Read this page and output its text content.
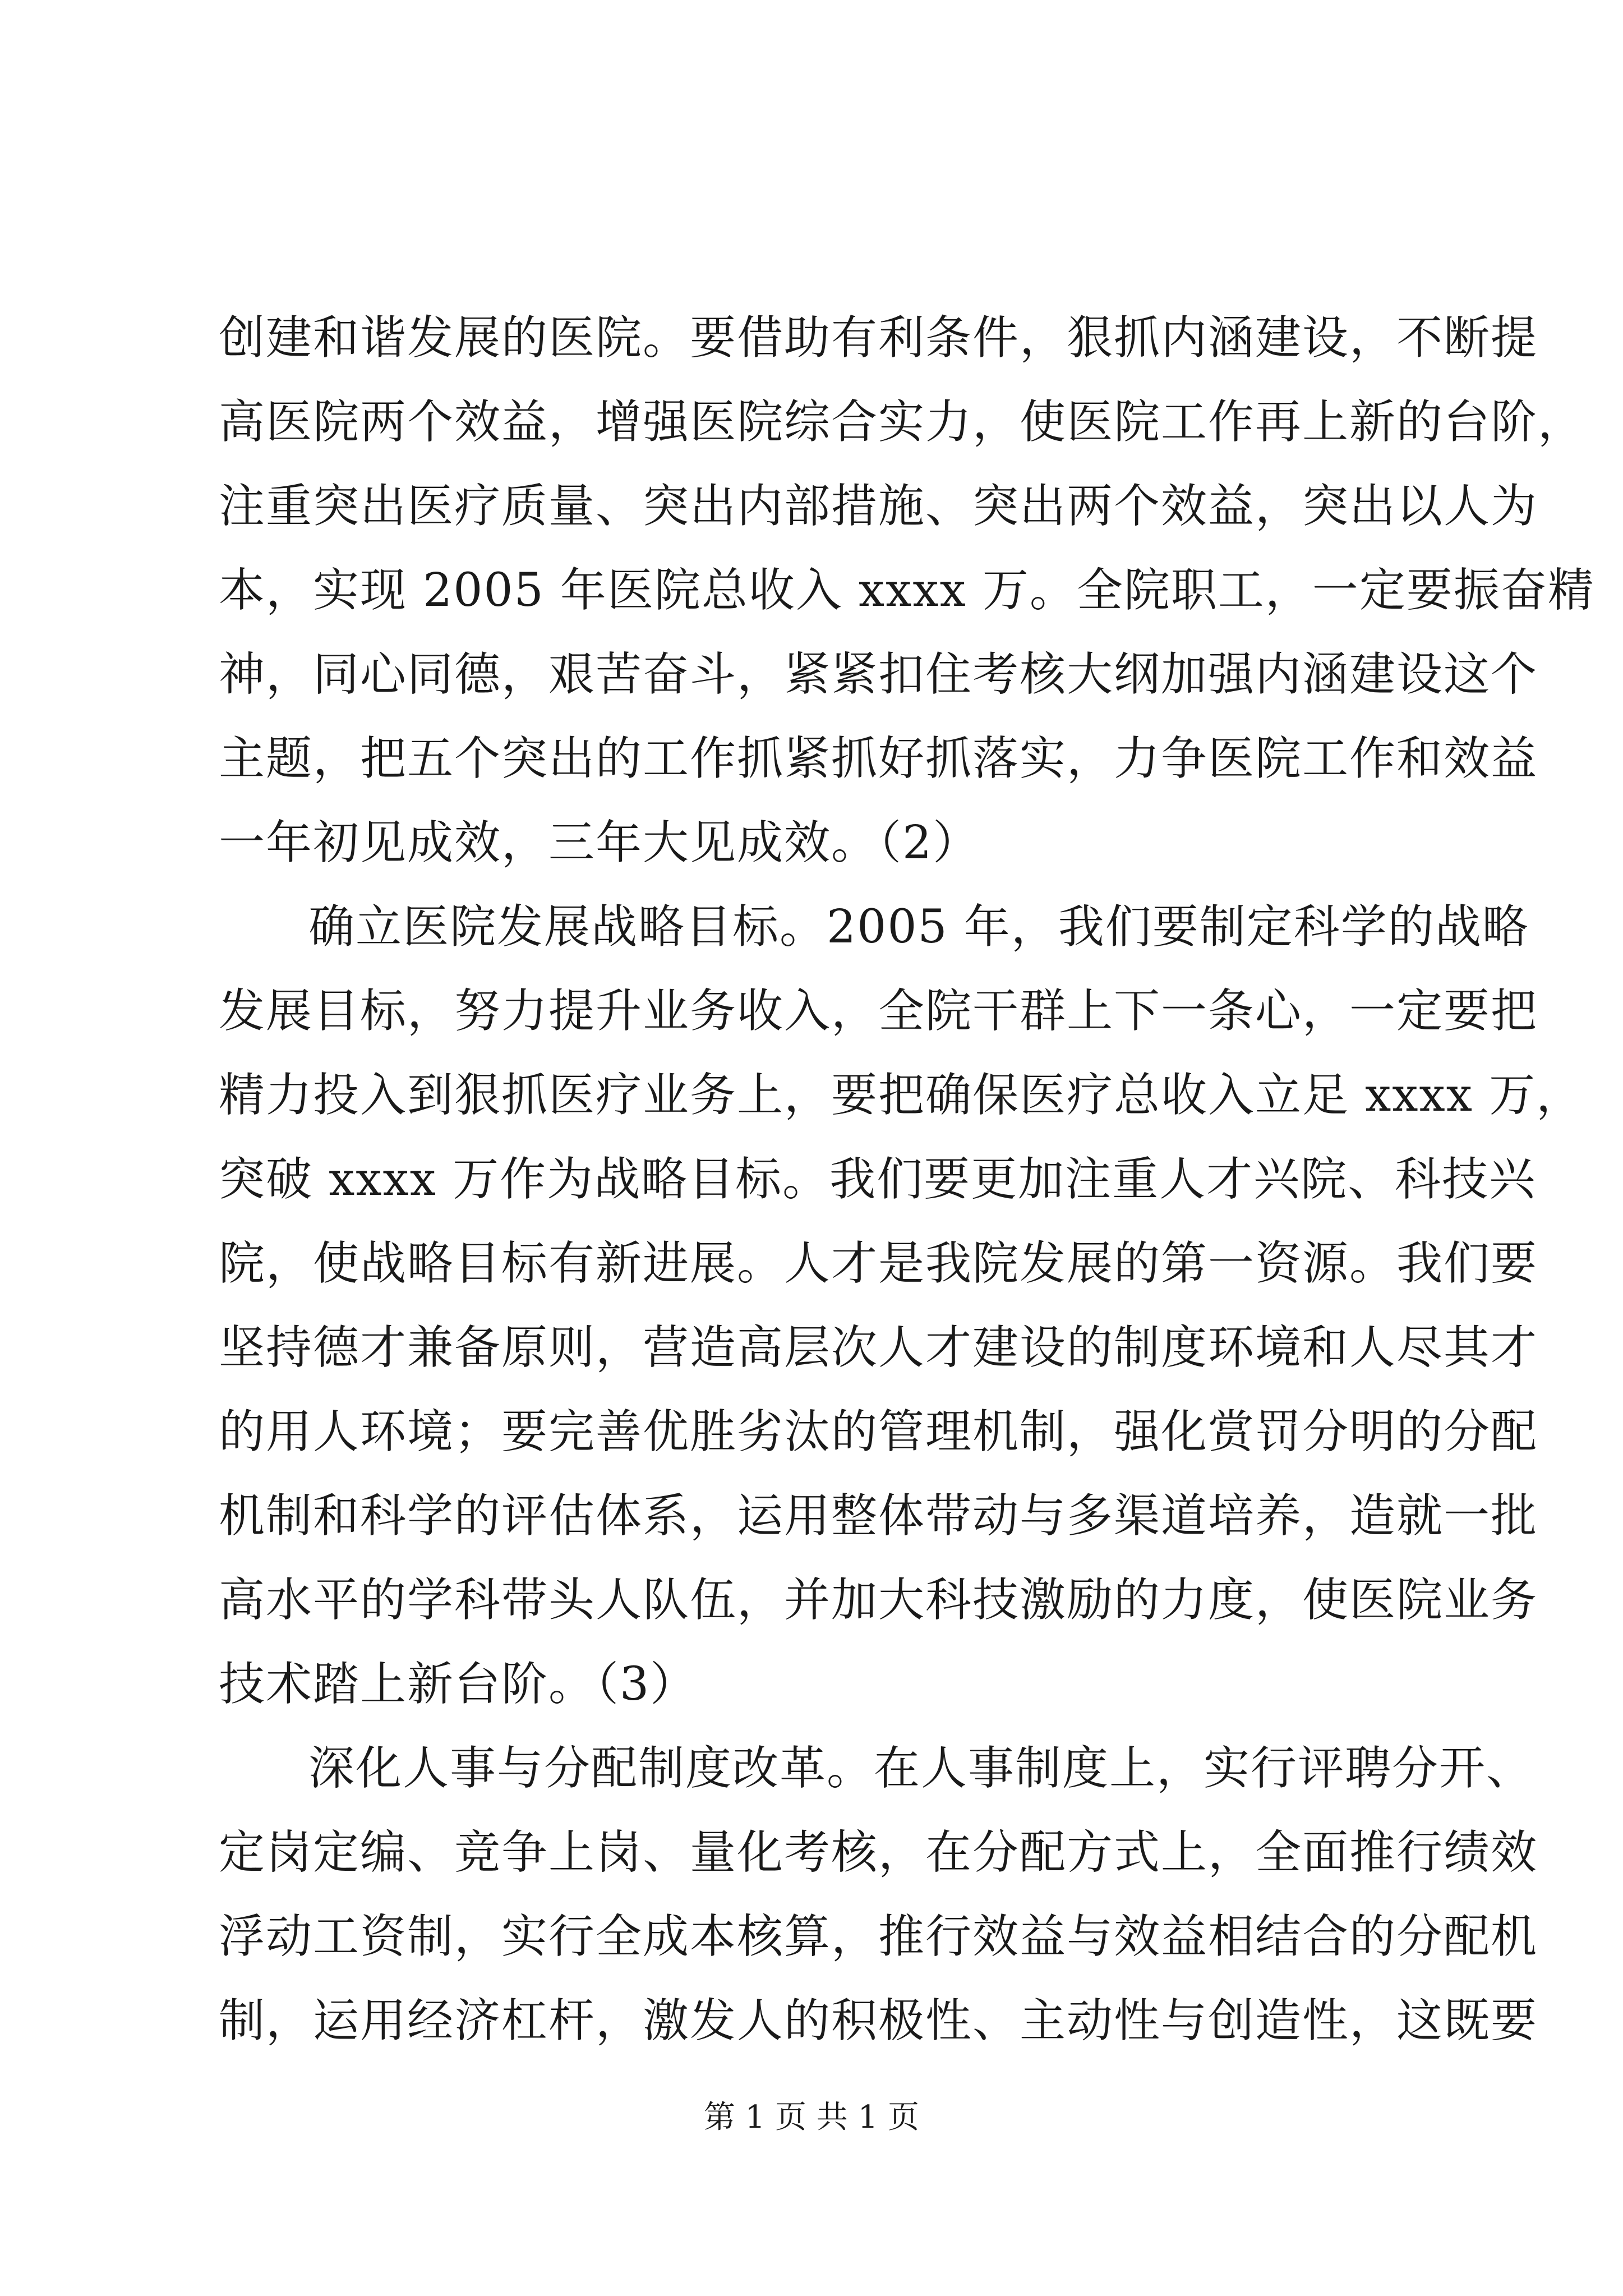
创建和谐发展的医院。要借助有利条件，狠抓内涵建设，不断提
高医院两个效益，增强医院综合实力，使医院工作再上新的台阶，
注重突出医疗质量、突出内部措施、突出两个效益，突出以人为
本，实现 2005 年医院总收入 xxxx 万。全院职工，一定要振奋精
神，同心同德，艰苦奋斗，紧紧扣住考核大纲加强内涵建设这个
主题，把五个突出的工作抓紧抓好抓落实，力争医院工作和效益
一年初见成效，三年大见成效。（2）
确立医院发展战略目标。2005 年，我们要制定科学的战略
发展目标，努力提升业务收入，全院干群上下一条心，一定要把
精力投入到狠抓医疗业务上，要把确保医疗总收入立足 xxxx 万，
突破 xxxx 万作为战略目标。我们要更加注重人才兴院、科技兴
院，使战略目标有新进展。人才是我院发展的第一资源。我们要
坚持德才兼备原则，营造高层次人才建设的制度环境和人尽其才
的用人环境；要完善优胜劣汰的管理机制，强化赏罚分明的分配
机制和科学的评估体系，运用整体带动与多渠道培养，造就一批
高水平的学科带头人队伍，并加大科技激励的力度，使医院业务
技术踏上新台阶。（3）
深化人事与分配制度改革。在人事制度上，实行评聘分开、
定岗定编、竞争上岗、量化考核，在分配方式上，全面推行绩效
浮动工资制，实行全成本核算，推行效益与效益相结合的分配机
制，运用经济杠杆，激发人的积极性、主动性与创造性，这既要
第 1 页 共 1 页
